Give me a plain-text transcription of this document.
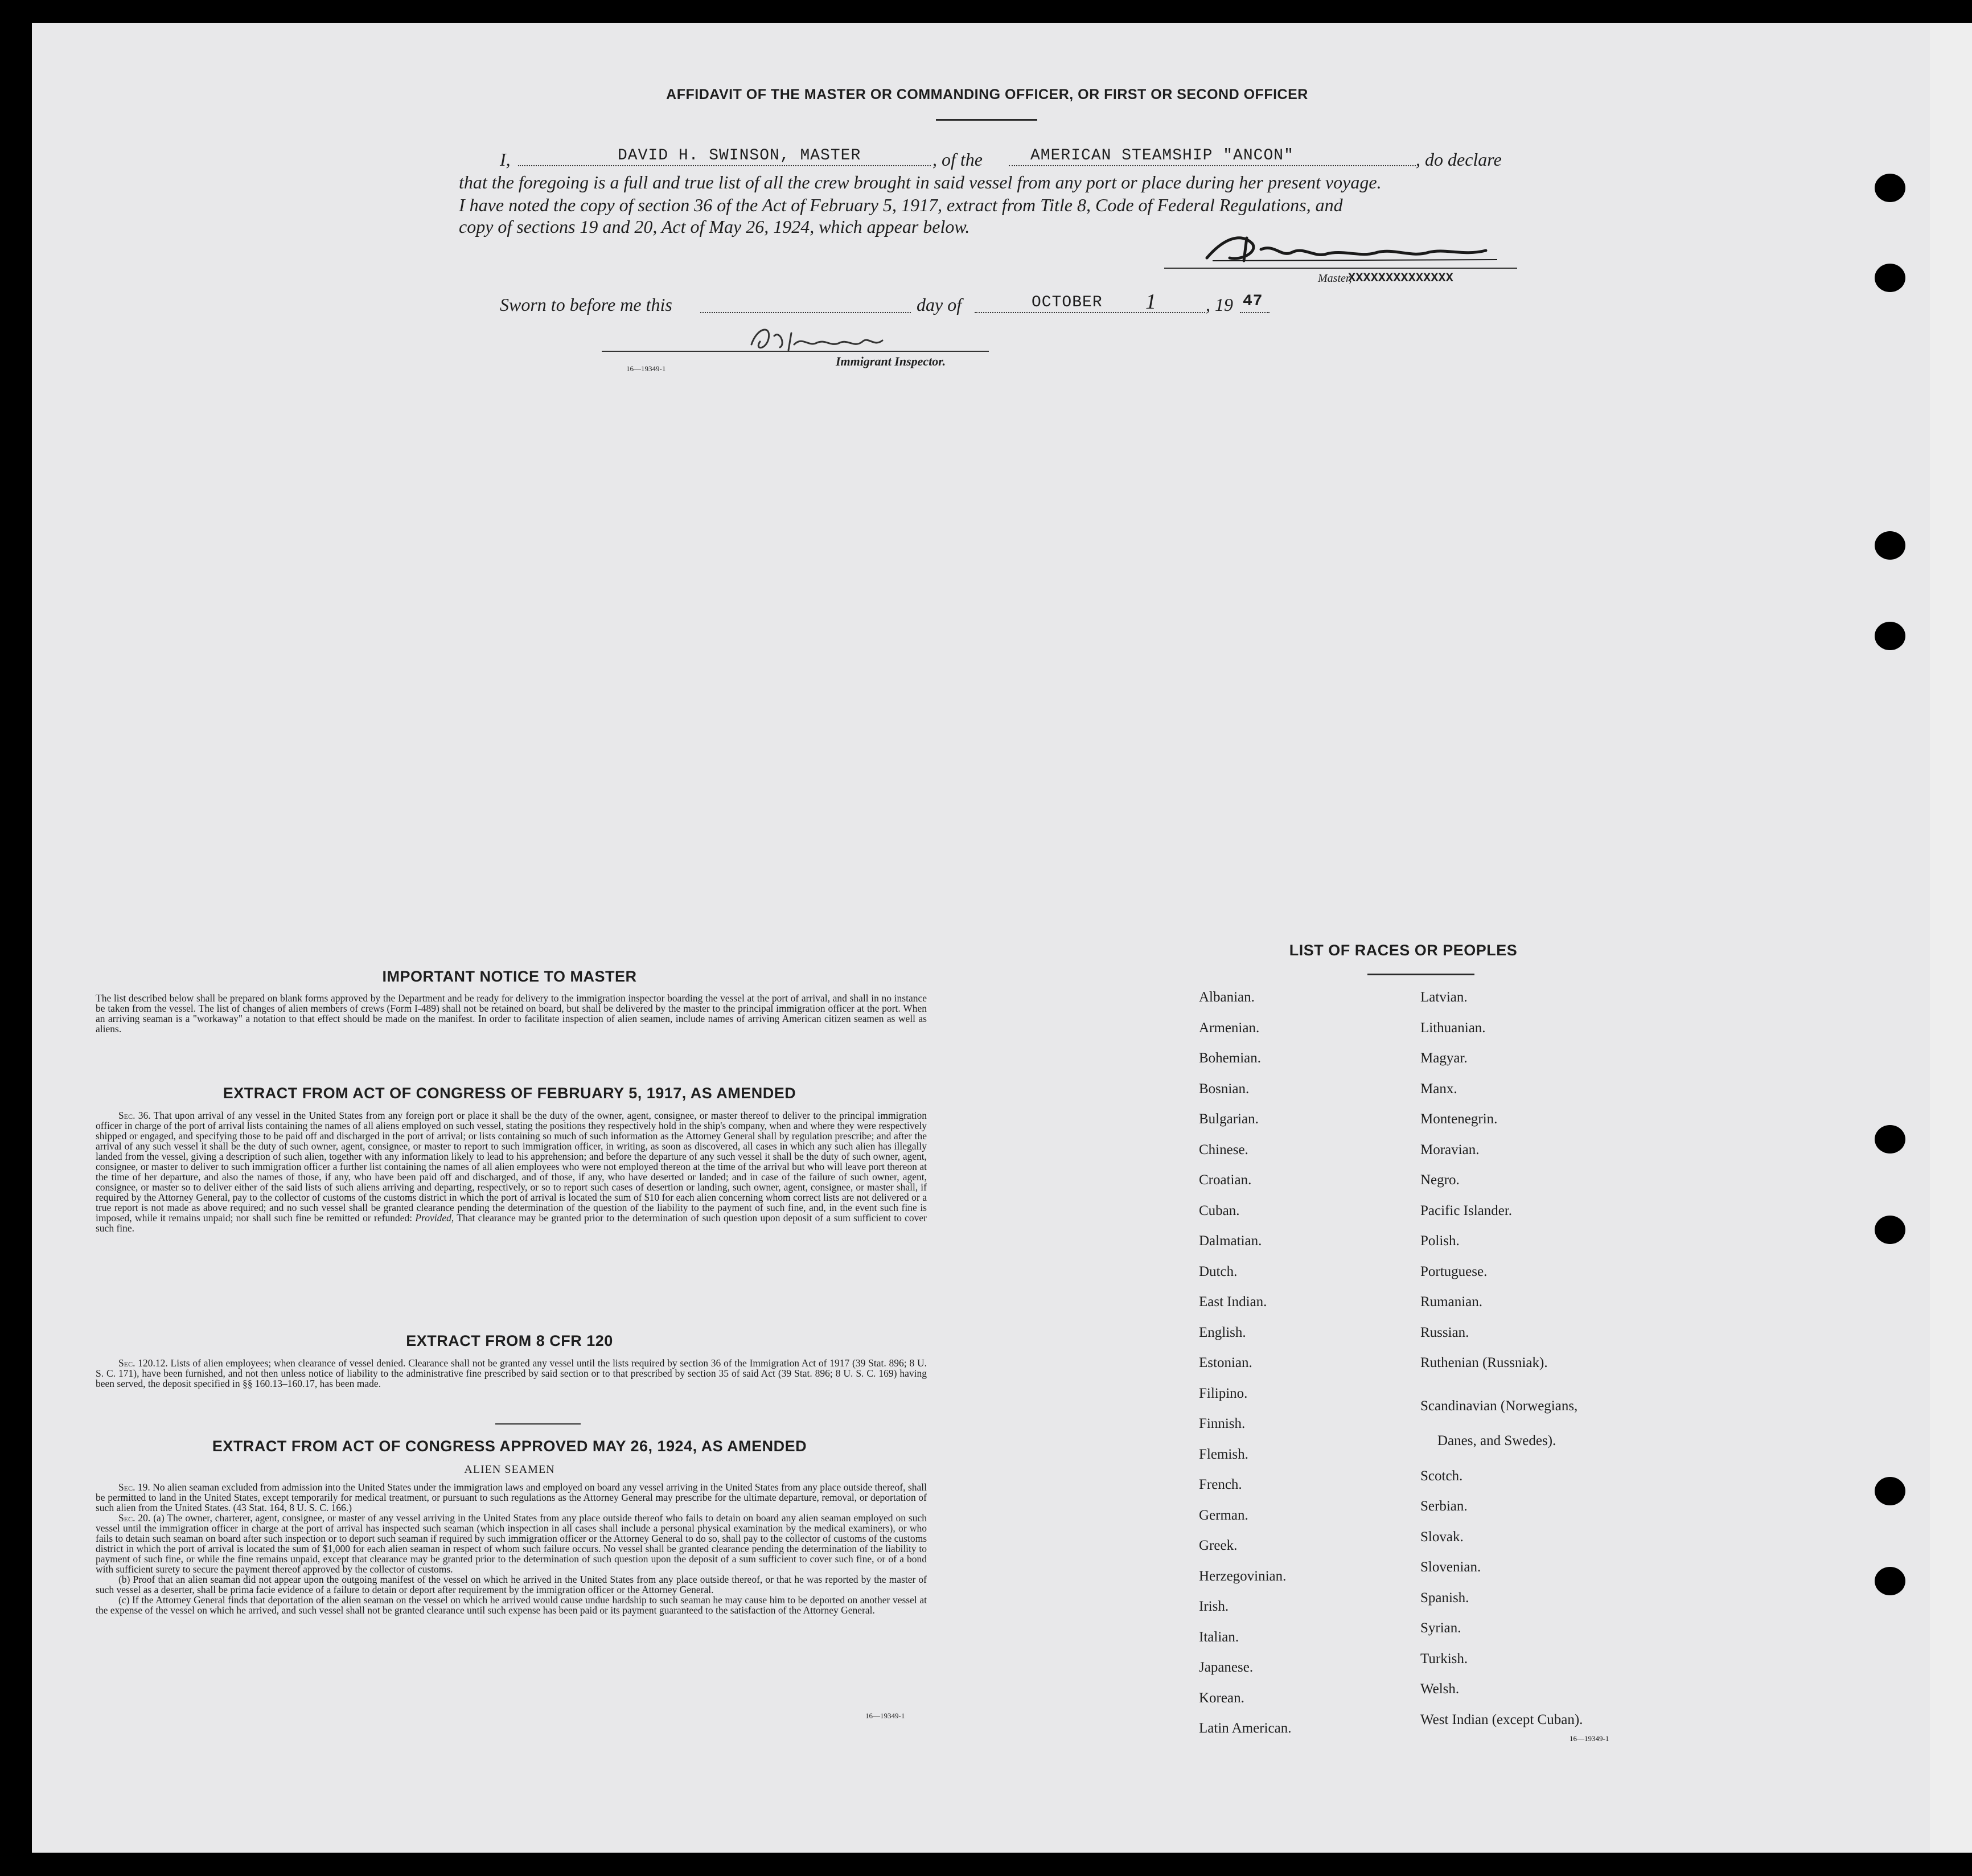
AFFIDAVIT OF THE MASTER OR COMMANDING OFFICER, OR FIRST OR SECOND OFFICER
I,	DAVID H. SWINSON, MASTER	, of the	AMERICAN STEAMSHIP "ANCON"	, do declare
that the foregoing is a full and true list of all the crew brought in said vessel from any port or place during her present voyage.
I have noted the copy of section 36 of the Act of February 5, 1917, extract from Title 8, Code of Federal Regulations, and
copy of sections 19 and 20, Act of May 26, 1924, which appear below.
Master,
XXXXXXXXXXXXXX
Sworn to before me this	day of	OCTOBER 1	, 19 47
16—19349-1
Immigrant Inspector.
IMPORTANT NOTICE TO MASTER
The list described below shall be prepared on blank forms approved by the Department and be ready for delivery to the immigration inspector boarding the vessel at the port of arrival, and shall in no instance be taken from the vessel. The list of changes of alien members of crews (Form I-489) shall not be retained on board, but shall be delivered by the master to the principal immigration officer at the port. When an arriving seaman is a "workaway" a notation to that effect should be made on the manifest. In order to facilitate inspection of alien seamen, include names of arriving American citizen seamen as well as aliens.
EXTRACT FROM ACT OF CONGRESS OF FEBRUARY 5, 1917, AS AMENDED
Sec. 36. That upon arrival of any vessel in the United States from any foreign port or place it shall be the duty of the owner, agent, consignee, or master thereof to deliver to the principal immigration officer in charge of the port of arrival lists containing the names of all aliens employed on such vessel, stating the positions they respectively hold in the ship's company, when and where they were respectively shipped or engaged, and specifying those to be paid off and discharged in the port of arrival; or lists containing so much of such information as the Attorney General shall by regulation prescribe; and after the arrival of any such vessel it shall be the duty of such owner, agent, consignee, or master to report to such immigration officer, in writing, as soon as discovered, all cases in which any such alien has illegally landed from the vessel, giving a description of such alien, together with any information likely to lead to his apprehension; and before the departure of any such vessel it shall be the duty of such owner, agent, consignee, or master to deliver to such immigration officer a further list containing the names of all alien employees who were not employed thereon at the time of the arrival but who will leave port thereon at the time of her departure, and also the names of those, if any, who have been paid off and discharged, and of those, if any, who have deserted or landed; and in case of the failure of such owner, agent, consignee, or master so to deliver either of the said lists of such aliens arriving and departing, respectively, or so to report such cases of desertion or landing, such owner, agent, consignee, or master shall, if required by the Attorney General, pay to the collector of customs of the customs district in which the port of arrival is located the sum of $10 for each alien concerning whom correct lists are not delivered or a true report is not made as above required; and no such vessel shall be granted clearance pending the determination of the question of the liability to the payment of such fine, and, in the event such fine is imposed, while it remains unpaid; nor shall such fine be remitted or refunded: Provided, That clearance may be granted prior to the determination of such question upon deposit of a sum sufficient to cover such fine.
EXTRACT FROM 8 CFR 120
Sec. 120.12. Lists of alien employees; when clearance of vessel denied. Clearance shall not be granted any vessel until the lists required by section 36 of the Immigration Act of 1917 (39 Stat. 896; 8 U. S. C. 171), have been furnished, and not then unless notice of liability to the administrative fine prescribed by said section or to that prescribed by section 35 of said Act (39 Stat. 896; 8 U. S. C. 169) having been served, the deposit specified in §§ 160.13–160.17, has been made.
EXTRACT FROM ACT OF CONGRESS APPROVED MAY 26, 1924, AS AMENDED
ALIEN SEAMEN

Sec. 19. No alien seaman excluded from admission into the United States under the immigration laws and employed on board any vessel arriving in the United States from any place outside thereof, shall be permitted to land in the United States, except temporarily for medical treatment, or pursuant to such regulations as the Attorney General may prescribe for the ultimate departure, removal, or deportation of such alien from the United States. (43 Stat. 164, 8 U. S. C. 166.)

Sec. 20. (a) The owner, charterer, agent, consignee, or master of any vessel arriving in the United States from any place outside thereof who fails to detain on board any alien seaman employed on such vessel until the immigration officer in charge at the port of arrival has inspected such seaman (which inspection in all cases shall include a personal physical examination by the medical examiners), or who fails to detain such seaman on board after such inspection or to deport such seaman if required by such immigration officer or the Attorney General to do so, shall pay to the collector of customs of the customs district in which the port of arrival is located the sum of $1,000 for each alien seaman in respect of whom such failure occurs. No vessel shall be granted clearance pending the determination of the liability to payment of such fine, or while the fine remains unpaid, except that clearance may be granted prior to the determination of such question upon the deposit of a sum sufficient to cover such fine, or of a bond with sufficient surety to secure the payment thereof approved by the collector of customs.

(b) Proof that an alien seaman did not appear upon the outgoing manifest of the vessel on which he arrived in the United States from any place outside thereof, or that he was reported by the master of such vessel as a deserter, shall be prima facie evidence of a failure to detain or deport after requirement by the immigration officer or the Attorney General.

(c) If the Attorney General finds that deportation of the alien seaman on the vessel on which he arrived would cause undue hardship to such seaman he may cause him to be deported on another vessel at the expense of the vessel on which he arrived, and such vessel shall not be granted clearance until such expense has been paid or its payment guaranteed to the satisfaction of the Attorney General.

16—19349-1
LIST OF RACES OR PEOPLES
Albanian.
Armenian.
Bohemian.
Bosnian.
Bulgarian.
Chinese.
Croatian.
Cuban.
Dalmatian.
Dutch.
East Indian.
English.
Estonian.
Filipino.
Finnish.
Flemish.
French.
German.
Greek.
Herzegovinian.
Irish.
Italian.
Japanese.
Korean.
Latin American.
Latvian.
Lithuanian.
Magyar.
Manx.
Montenegrin.
Moravian.
Negro.
Pacific Islander.
Polish.
Portuguese.
Rumanian.
Russian.
Ruthenian (Russniak).
Scandinavian (Norwegians,
Danes, and Swedes).
Scotch.
Serbian.
Slovak.
Slovenian.
Spanish.
Syrian.
Turkish.
Welsh.
West Indian (except Cuban).
16—19349-1
